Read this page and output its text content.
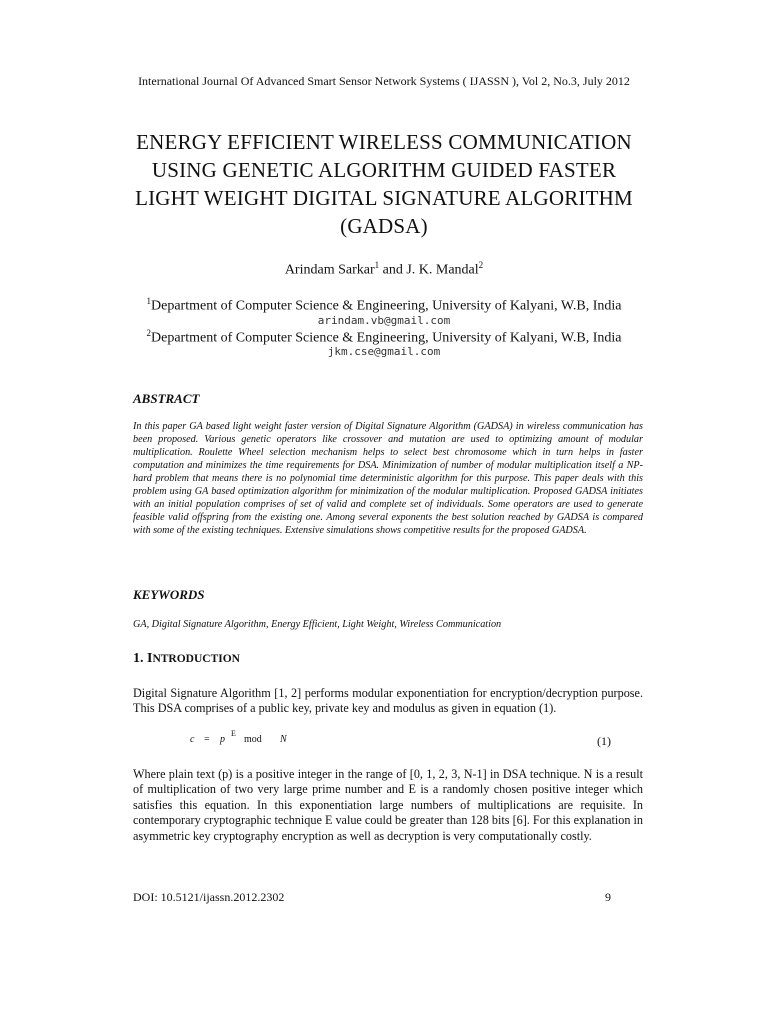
International Journal Of Advanced Smart Sensor Network Systems ( IJASSN ), Vol 2, No.3, July 2012
ENERGY EFFICIENT WIRELESS COMMUNICATION
USING GENETIC ALGORITHM GUIDED FASTER
LIGHT WEIGHT DIGITAL SIGNATURE ALGORITHM
(GADSA)
Arindam Sarkar$^1$ and J. K. Mandal$^2$
$^1$Department of Computer Science & Engineering, University of Kalyani, W.B, India
arindam.vb@gmail.com
$^2$Department of Computer Science & Engineering, University of Kalyani, W.B, India
jkm.cse@gmail.com
ABSTRACT
In this paper GA based light weight faster version of Digital Signature Algorithm (GADSA) in wireless communication has been proposed. Various genetic operators like crossover and mutation are used to optimizing amount of modular multiplication. Roulette Wheel selection mechanism helps to select best chromosome which in turn helps in faster computation and minimizes the time requirements for DSA. Minimization of number of modular multiplication itself a NP-hard problem that means there is no polynomial time deterministic algorithm for this purpose. This paper deals with this problem using GA based optimization algorithm for minimization of the modular multiplication. Proposed GADSA initiates with an initial population comprises of set of valid and complete set of individuals. Some operators are used to generate feasible valid offspring from the existing one. Among several exponents the best solution reached by GADSA is compared with some of the existing techniques. Extensive simulations shows competitive results for the proposed GADSA.
KEYWORDS
GA, Digital Signature Algorithm, Energy Efficient, Light Weight, Wireless Communication
1. INTRODUCTION
Digital Signature Algorithm [1, 2] performs modular exponentiation for encryption/decryption purpose. This DSA comprises of a public key, private key and modulus as given in equation (1).
c = p
E
mod N	(1)
Where plain text (p) is a positive integer in the range of [0, 1, 2, 3, N-1] in DSA technique. N is a result of multiplication of two very large prime number and E is a randomly chosen positive integer which satisfies this equation. In this exponentiation large numbers of multiplications are requisite. In contemporary cryptographic technique E value could be greater than 128 bits [6]. For this explanation in asymmetric key cryptography encryption as well as decryption is very computationally costly.
DOI: 10.5121/ijassn.2012.2302	9
